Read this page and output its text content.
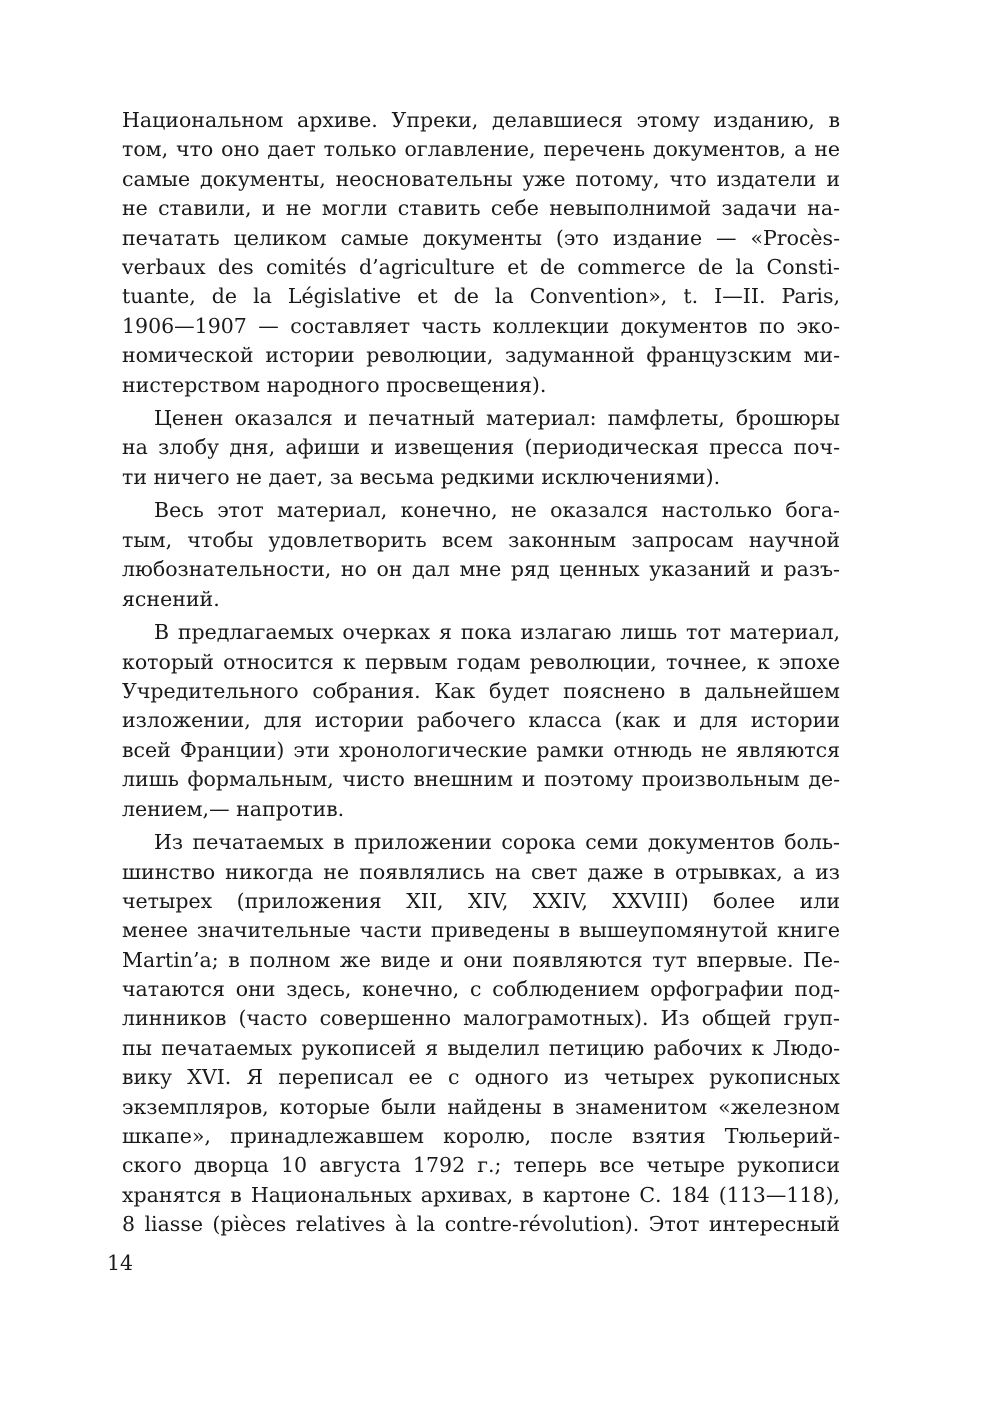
Национальном архиве. Упреки, делавшиеся этому изданию, в
том, что оно дает только оглавление, перечень документов, а не
самые документы, неосновательны уже потому, что издатели и
не ставили, и не могли ставить себе невыполнимой задачи на-
печатать целиком самые документы (это издание — «Procès-
verbaux des comités d’agriculture et de commerce de la Consti-
tuante, de la Législative et de la Convention», t. I—II. Paris,
1906—1907 — составляет часть коллекции документов по эко-
номической истории революции, задуманной французским ми-
нистерством народного просвещения).
Ценен оказался и печатный материал: памфлеты, брошюры
на злобу дня, афиши и извещения (периодическая пресса поч-
ти ничего не дает, за весьма редкими исключениями).
Весь этот материал, конечно, не оказался настолько бога-
тым, чтобы удовлетворить всем законным запросам научной
любознательности, но он дал мне ряд ценных указаний и разъ-
яснений.
В предлагаемых очерках я пока излагаю лишь тот материал,
который относится к первым годам революции, точнее, к эпохе
Учредительного собрания. Как будет пояснено в дальнейшем
изложении, для истории рабочего класса (как и для истории
всей Франции) эти хронологические рамки отнюдь не являются
лишь формальным, чисто внешним и поэтому произвольным де-
лением,— напротив.
Из печатаемых в приложении сорока семи документов боль-
шинство никогда не появлялись на свет даже в отрывках, а из
четырех (приложения XII, XIV, XXIV, XXVIII) более или
менее значительные части приведены в вышеупомянутой книге
Martin’a; в полном же виде и они появляются тут впервые. Пе-
чатаются они здесь, конечно, с соблюдением орфографии под-
линников (часто совершенно малограмотных). Из общей груп-
пы печатаемых рукописей я выделил петицию рабочих к Людо-
вику XVI. Я переписал ее с одного из четырех рукописных
экземпляров, которые были найдены в знаменитом «железном
шкапе», принадлежавшем королю, после взятия Тюльерий-
ского дворца 10 августа 1792 г.; теперь все четыре рукописи
хранятся в Национальных архивах, в картоне С. 184 (113—118),
8 liasse (pièces relatives à la contre-révolution). Этот интересный
14
